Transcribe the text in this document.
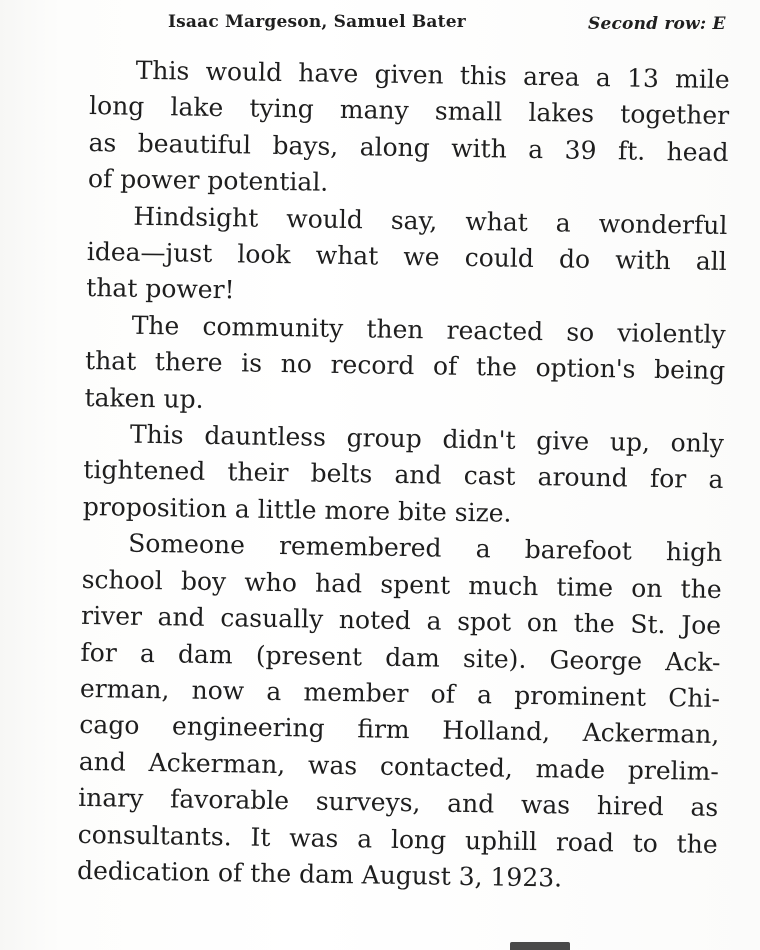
Isaac Margeson, Samuel Bater	Second row: E

This would have given this area a 13 mile
long lake tying many small lakes together
as beautiful bays, along with a 39 ft. head
of power potential.

Hindsight would say, what a wonderful
idea—just look what we could do with all
that power!

The community then reacted so violently
that there is no record of the option's being
taken up.

This dauntless group didn't give up, only
tightened their belts and cast around for a
proposition a little more bite size.

Someone remembered a barefoot high
school boy who had spent much time on the
river and casually noted a spot on the St. Joe
for a dam (present dam site). George Ack-
erman, now a member of a prominent Chi-
cago engineering firm Holland, Ackerman,
and Ackerman, was contacted, made prelim-
inary favorable surveys, and was hired as
consultants. It was a long uphill road to the
dedication of the dam August 3, 1923.
